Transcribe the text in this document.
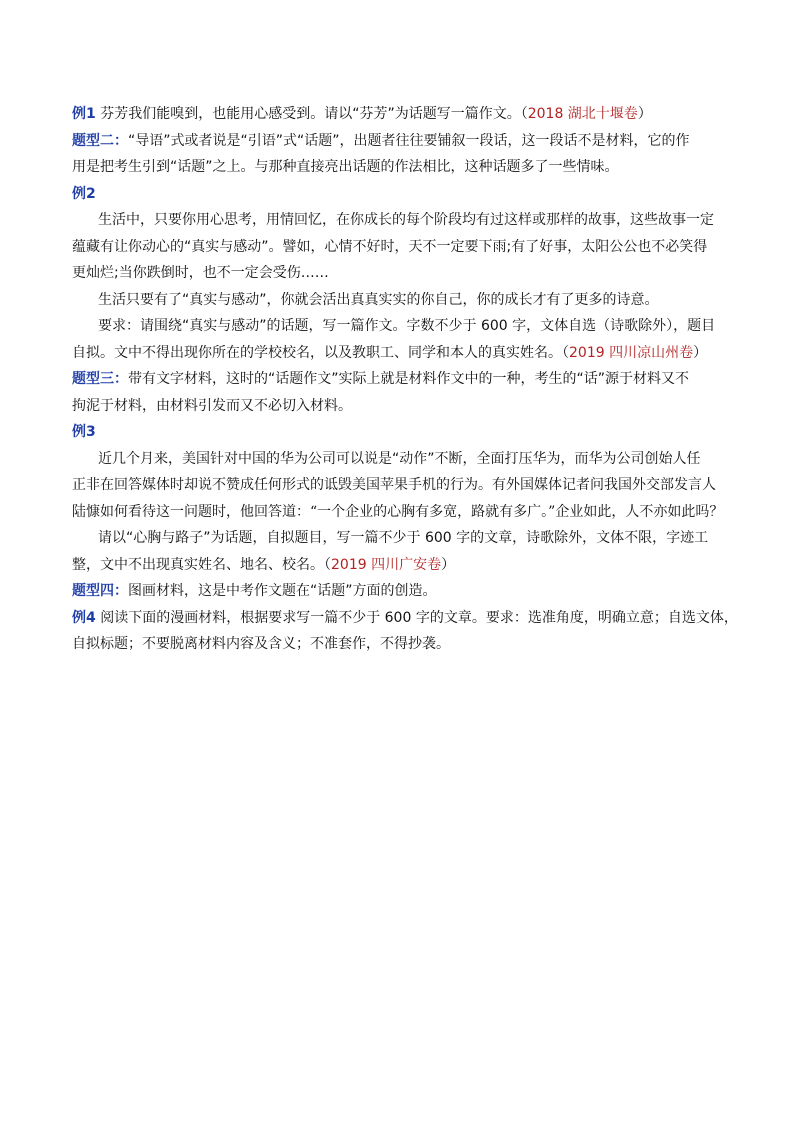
例1 芬芳我们能嗅到，也能用心感受到。请以“芬芳”为话题写一篇作文。（2018 湖北十堰卷）
题型二：“导语”式或者说是“引语”式“话题”，出题者往往要铺叙一段话，这一段话不是材料，它的作
用是把考生引到“话题”之上。与那种直接亮出话题的作法相比，这种话题多了一些情味。
例2
生活中，只要你用心思考，用情回忆，在你成长的每个阶段均有过这样或那样的故事，这些故事一定
蕴藏有让你动心的“真实与感动”。譬如，心情不好时，天不一定要下雨;有了好事，太阳公公也不必笑得
更灿烂;当你跌倒时，也不一定会受伤……
生活只要有了“真实与感动”，你就会活出真真实实的你自己，你的成长才有了更多的诗意。
要求：请围绕“真实与感动”的话题，写一篇作文。字数不少于 600 字，文体自选（诗歌除外），题目
自拟。文中不得出现你所在的学校校名，以及教职工、同学和本人的真实姓名。（2019 四川凉山州卷）
题型三：带有文字材料，这时的“话题作文”实际上就是材料作文中的一种，考生的“话”源于材料又不
拘泥于材料，由材料引发而又不必切入材料。
例3
近几个月来，美国针对中国的华为公司可以说是“动作”不断，全面打压华为，而华为公司创始人任
正非在回答媒体时却说不赞成任何形式的诋毁美国苹果手机的行为。有外国媒体记者问我国外交部发言人
陆慷如何看待这一问题时，他回答道：“一个企业的心胸有多宽，路就有多广。”企业如此，人不亦如此吗？
请以“心胸与路子”为话题，自拟题目，写一篇不少于 600 字的文章，诗歌除外，文体不限，字迹工
整，文中不出现真实姓名、地名、校名。（2019 四川广安卷）
题型四：图画材料，这是中考作文题在“话题”方面的创造。
例4 阅读下面的漫画材料，根据要求写一篇不少于 600 字的文章。要求：选准角度，明确立意；自选文体，
自拟标题；不要脱离材料内容及含义；不准套作，不得抄袭。
